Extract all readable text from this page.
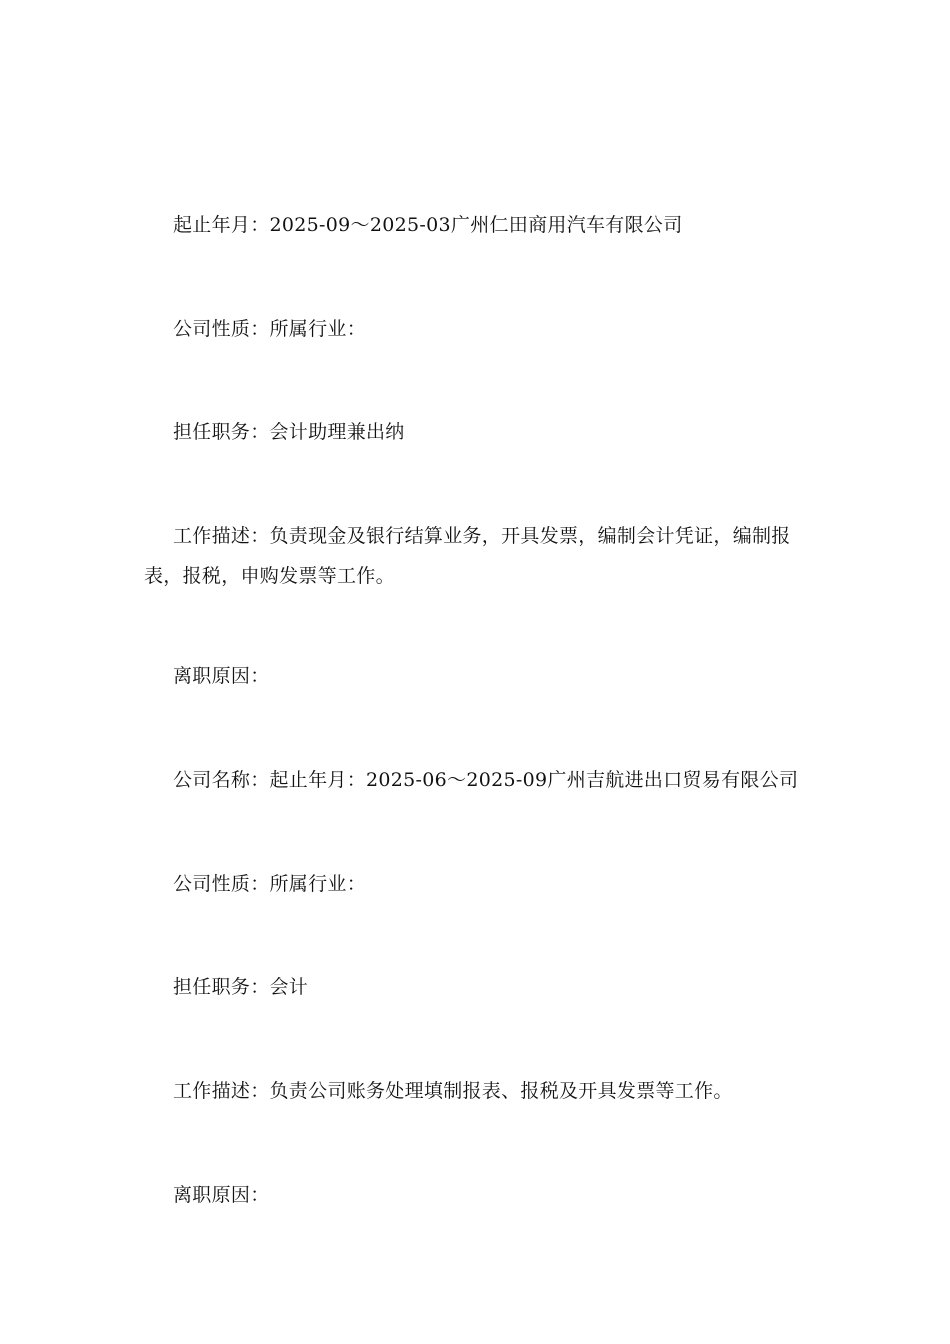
起止年月：2025-09～2025-03广州仁田商用汽车有限公司

公司性质：所属行业：

担任职务：会计助理兼出纳

工作描述：负责现金及银行结算业务，开具发票，编制会计凭证，编制报表，报税，申购发票等工作。

离职原因：

公司名称：起止年月：2025-06～2025-09广州吉航进出口贸易有限公司

公司性质：所属行业：

担任职务：会计

工作描述：负责公司账务处理填制报表、报税及开具发票等工作。

离职原因：
